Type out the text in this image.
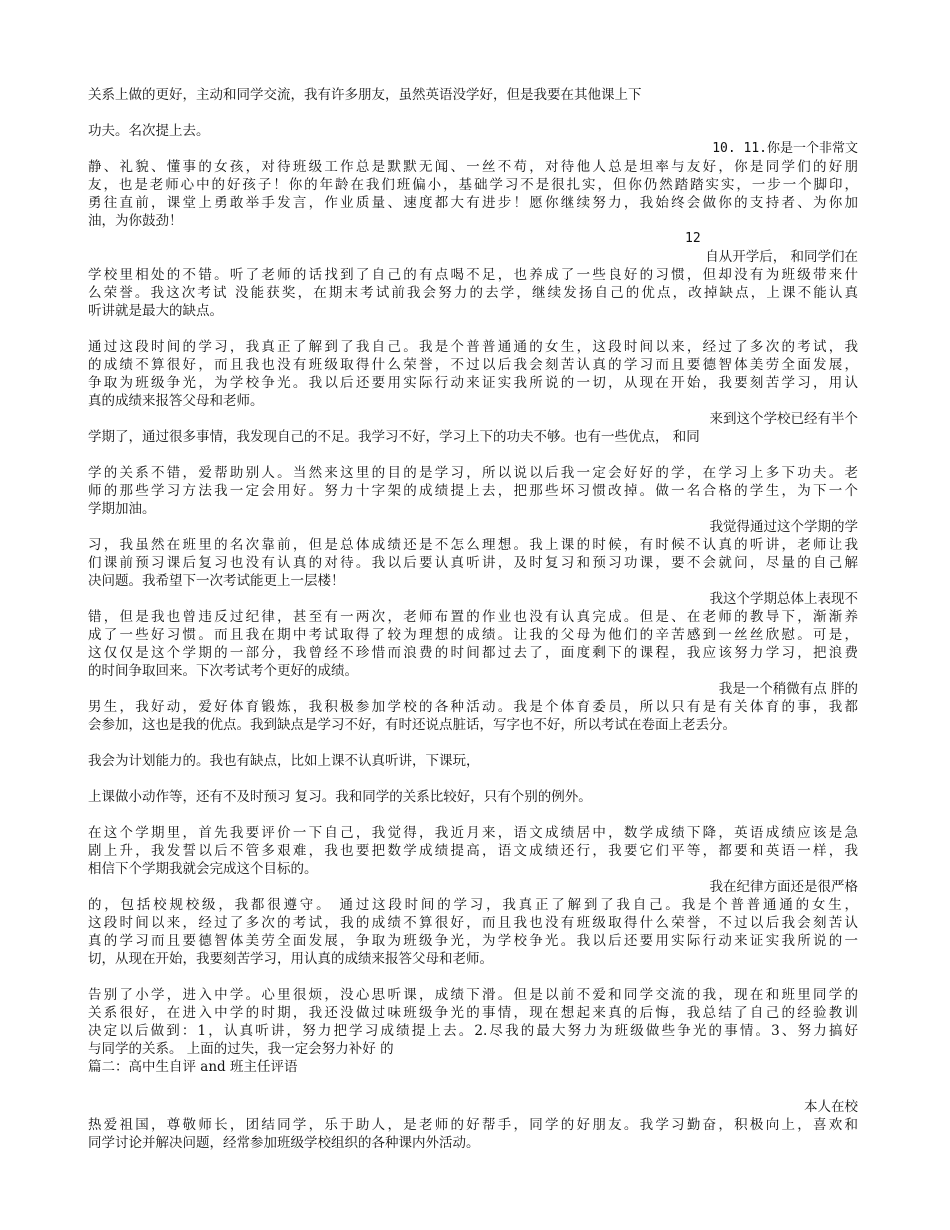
关系上做的更好，主动和同学交流，我有许多朋友，虽然英语没学好，但是我要在其他课上下
功夫。名次提上去。
10. 11.你是一个非常文
静、礼貌、懂事的女孩，对待班级工作总是默默无闻、一丝不苟，对待他人总是坦率与友好，你是同学们的好朋
友，也是老师心中的好孩子！你的年龄在我们班偏小，基础学习不是很扎实，但你仍然踏踏实实，一步一个脚印，
勇往直前，课堂上勇敢举手发言，作业质量、速度都大有进步！愿你继续努力，我始终会做你的支持者、为你加
油，为你鼓劲！
12
自从开学后， 和同学们在
学校里相处的不错。听了老师的话找到了自己的有点喝不足，也养成了一些良好的习惯，但却没有为班级带来什
么荣誉。我这次考试 没能获奖，在期末考试前我会努力的去学，继续发扬自己的优点，改掉缺点，上课不能认真
听讲就是最大的缺点。
通过这段时间的学习，我真正了解到了我自己。我是个普普通通的女生，这段时间以来，经过了多次的考试，我
的成绩不算很好，而且我也没有班级取得什么荣誉，不过以后我会刻苦认真的学习而且要德智体美劳全面发展，
争取为班级争光，为学校争光。我以后还要用实际行动来证实我所说的一切，从现在开始，我要刻苦学习，用认
真的成绩来报答父母和老师。
来到这个学校已经有半个
学期了，通过很多事情，我发现自己的不足。我学习不好，学习上下的功夫不够。也有一些优点， 和同
学的关系不错，爱帮助别人。当然来这里的目的是学习，所以说以后我一定会好好的学，在学习上多下功夫。老
师的那些学习方法我一定会用好。努力十字架的成绩提上去，把那些坏习惯改掉。做一名合格的学生，为下一个
学期加油。
我觉得通过这个学期的学
习，我虽然在班里的名次靠前，但是总体成绩还是不怎么理想。我上课的时候，有时候不认真的听讲，老师让我
们课前预习课后复习也没有认真的对待。我以后要认真听讲，及时复习和预习功课，要不会就问，尽量的自己解
决问题。我希望下一次考试能更上一层楼！
我这个学期总体上表现不
错，但是我也曾违反过纪律，甚至有一两次，老师布置的作业也没有认真完成。但是、在老师的教导下，渐渐养
成了一些好习惯。而且我在期中考试取得了较为理想的成绩。让我的父母为他们的辛苦感到一丝丝欣慰。可是，
这仅仅是这个学期的一部分，我曾经不珍惜而浪费的时间都过去了，面度剩下的课程，我应该努力学习，把浪费
的时间争取回来。下次考试考个更好的成绩。
我是一个稍微有点 胖的
男生，我好动，爱好体育锻炼，我积极参加学校的各种活动。我是个体育委员，所以只有是有关体育的事，我都
会参加，这也是我的优点。我到缺点是学习不好，有时还说点脏话，写字也不好，所以考试在卷面上老丢分。
我会为计划能力的。我也有缺点，比如上课不认真听讲，下课玩，
上课做小动作等，还有不及时预习 复习。我和同学的关系比较好，只有个别的例外。
在这个学期里，首先我要评价一下自己，我觉得，我近月来，语文成绩居中，数学成绩下降，英语成绩应该是急
剧上升，我发誓以后不管多艰难，我也要把数学成绩提高，语文成绩还行，我要它们平等，都要和英语一样，我
相信下个学期我就会完成这个目标的。
我在纪律方面还是很严格
的，包括校规校级，我都很遵守。 通过这段时间的学习，我真正了解到了我自己。我是个普普通通的女生，
这段时间以来，经过了多次的考试，我的成绩不算很好，而且我也没有班级取得什么荣誉，不过以后我会刻苦认
真的学习而且要德智体美劳全面发展，争取为班级争光，为学校争光。我以后还要用实际行动来证实我所说的一
切，从现在开始，我要刻苦学习，用认真的成绩来报答父母和老师。
告别了小学，进入中学。心里很烦，没心思听课，成绩下滑。但是以前不爱和同学交流的我，现在和班里同学的
关系很好，在进入中学的时期，我还没做过味班级争光的事情，现在想起来真的后悔，我总结了自己的经验教训
决定以后做到：1，认真听讲，努力把学习成绩提上去。2.尽我的最大努力为班级做些争光的事情。3、努力搞好
与同学的关系。 上面的过失，我一定会努力补好 的
篇二：高中生自评 and 班主任评语
本人在校
热爱祖国，尊敬师长，团结同学，乐于助人，是老师的好帮手，同学的好朋友。我学习勤奋，积极向上，喜欢和
同学讨论并解决问题，经常参加班级学校组织的各种课内外活动。
